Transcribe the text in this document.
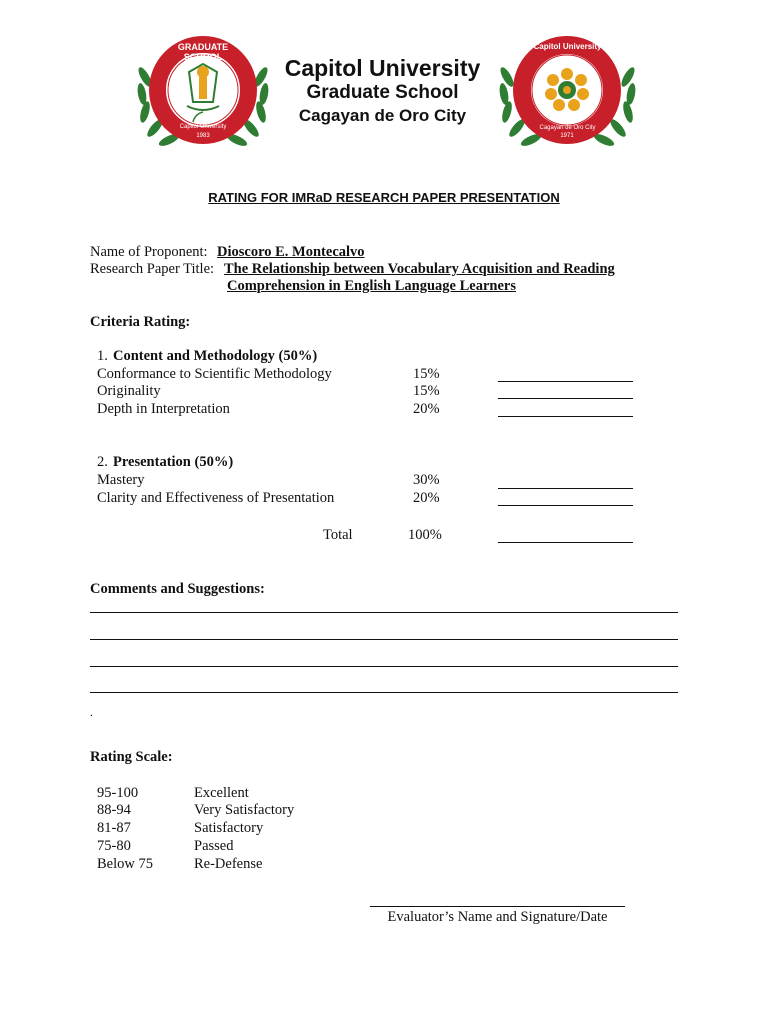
GRADUATE SCHOOL
Capitol University
1983
Capitol University
Cagayan de Oro City
1971
Capitol University
Graduate School
Cagayan de Oro City
RATING FOR IMRaD RESEARCH PAPER PRESENTATION
Name of Proponent: Dioscoro E. Montecalvo
Research Paper Title: The Relationship between Vocabulary Acquisition and Reading
Comprehension in English Language Learners
Criteria Rating:
1. Content and Methodology (50%)
Conformance to Scientific Methodology	15%
Originality	15%
Depth in Interpretation	20%
2. Presentation (50%)
Mastery	30%
Clarity and Effectiveness of Presentation	20%
Total	100%
Comments and Suggestions:
.
Rating Scale:
95-100	Excellent
88-94	Very Satisfactory
81-87	Satisfactory
75-80	Passed
Below 75	Re-Defense
Evaluator’s Name and Signature/Date
